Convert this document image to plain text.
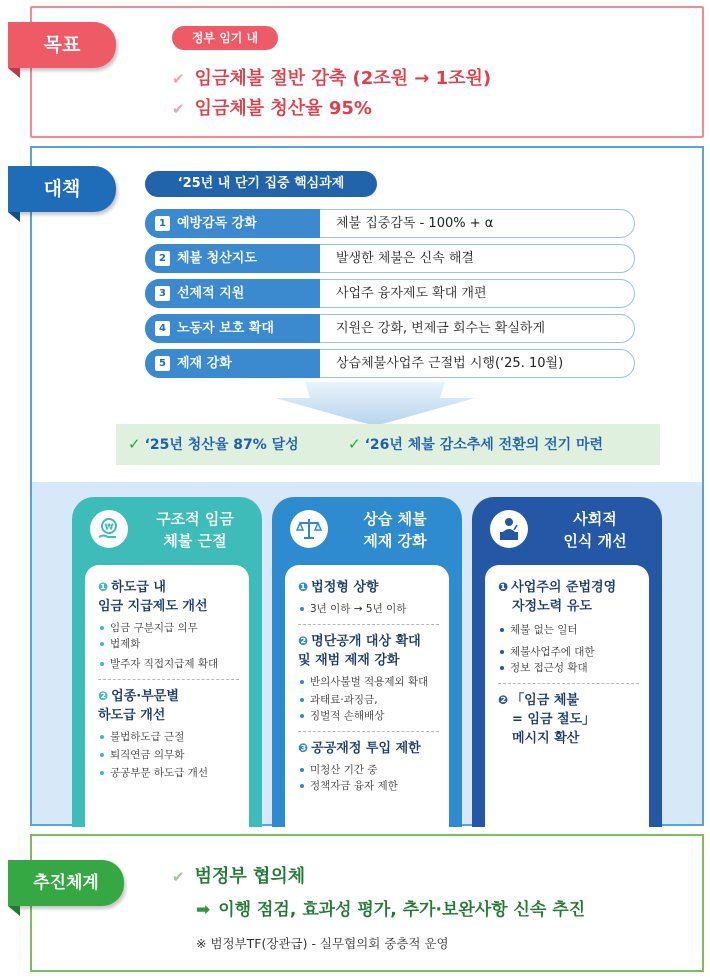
목표	정부 임기 내
✔ 임금체불 절반 감축 (2조원 → 1조원)
✔ 임금체불 청산율 95%
대책	‘25년 내 단기 집중 핵심과제
1 예방감독 강화	체불 집중감독 - 100% + α
2 체불 청산지도	발생한 체불은 신속 해결
3 선제적 지원	사업주 융자제도 확대 개편
4 노동자 보호 확대	지원은 강화, 변제금 회수는 확실하게
5 제재 강화	상습체불사업주 근절법 시행(‘25. 10월)
✓ ‘25년 청산율 87% 달성	✓ ‘26년 체불 감소추세 전환의 전기 마련
₩	구조적 임금
체불 근절
❶ 하도급 내
임금 지급제도 개선
임금 구분지급 의무
법제화
발주자 직접지급제 확대
❷ 업종·부문별
하도급 개선
불법하도급 근절
퇴직연금 의무화
공공부문 하도급 개선
상습 체불
제재 강화
❶ 법정형 상향
3년 이하 → 5년 이하
❷ 명단공개 대상 확대
및 재범 제재 강화
반의사불벌 적용제외 확대
과태료·과징금,
징벌적 손해배상
❸ 공공재정 투입 제한
미청산 기간 중
정책자금 융자 제한
사회적
인식 개선
❶ 사업주의 준법경영
자정노력 유도
체불 없는 일터
체불사업주에 대한
정보 접근성 확대
❷ 「임금 체불
= 임금 절도」
메시지 확산
추진체계	✔ 범정부 협의체
➡ 이행 점검, 효과성 평가, 추가·보완사항 신속 추진
※ 범정부TF(장관급) - 실무협의회 중층적 운영
